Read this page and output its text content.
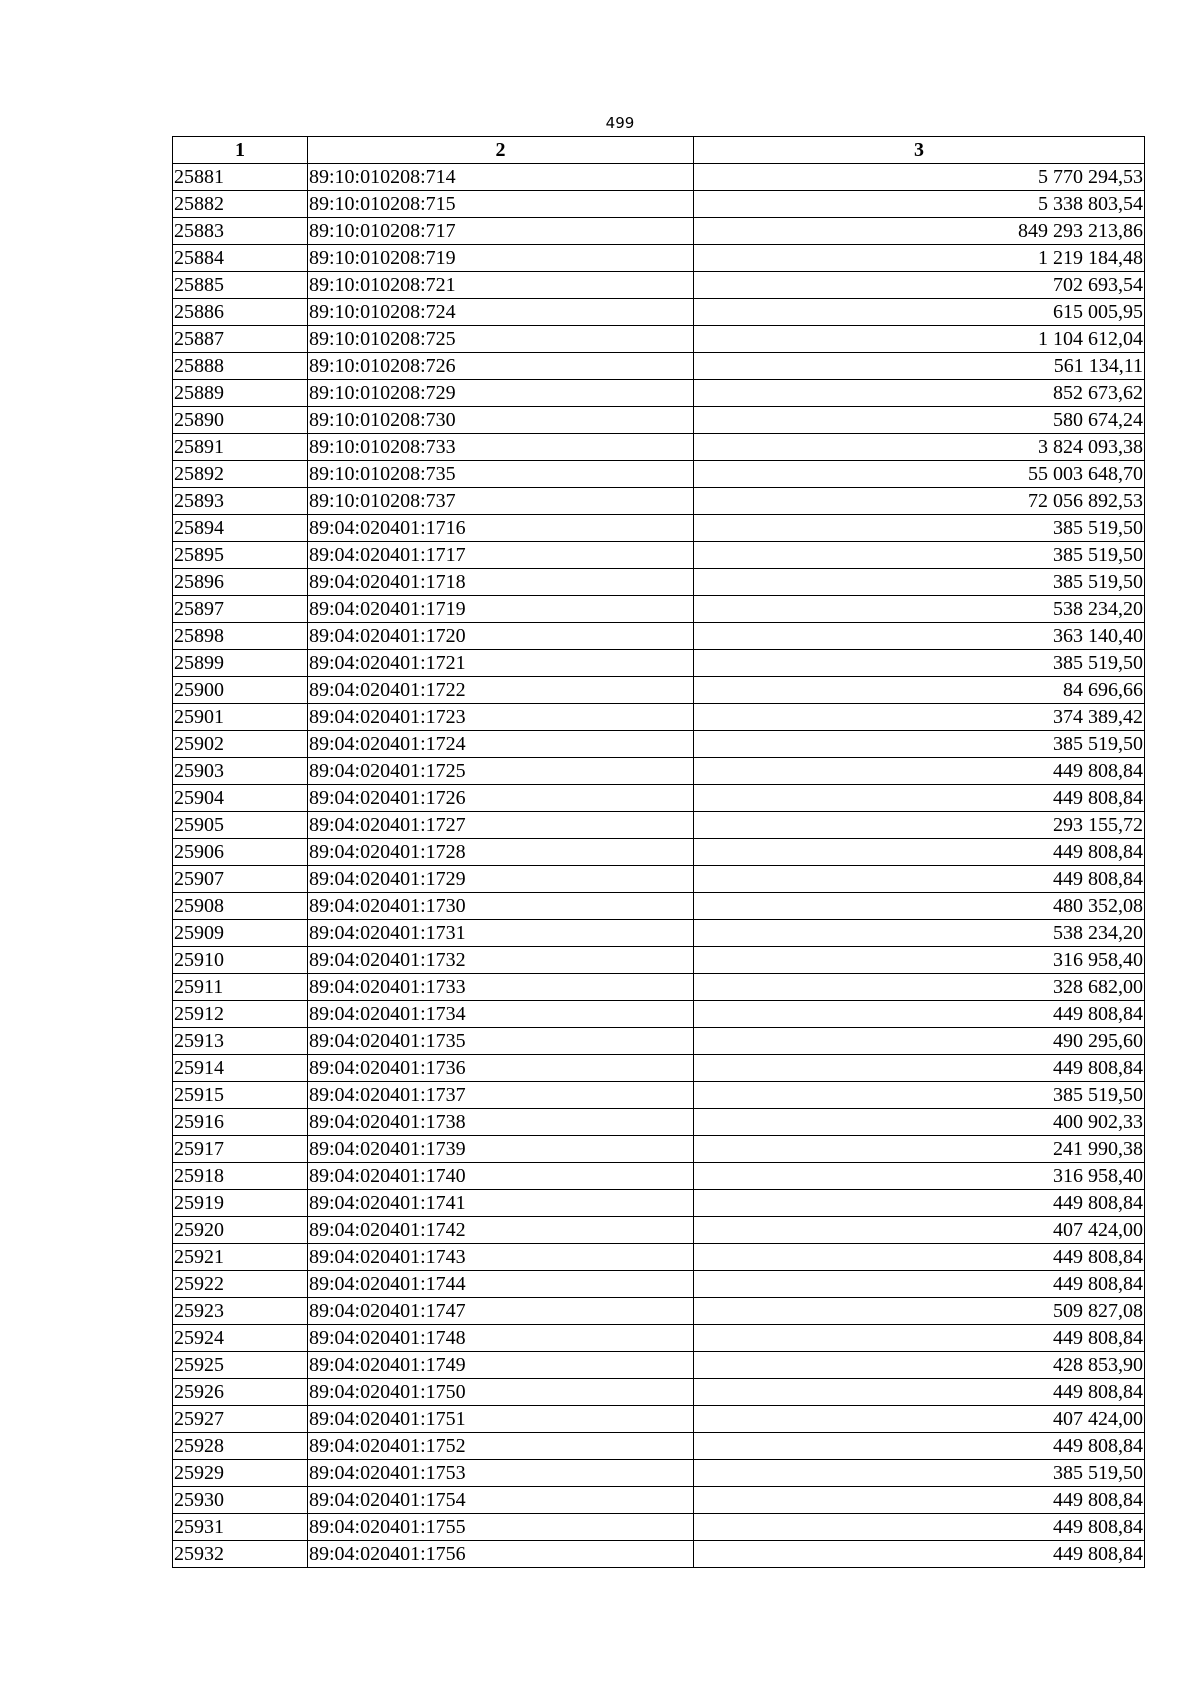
499
1	2	3
25881	89:10:010208:714	5 770 294,53
25882	89:10:010208:715	5 338 803,54
25883	89:10:010208:717	849 293 213,86
25884	89:10:010208:719	1 219 184,48
25885	89:10:010208:721	702 693,54
25886	89:10:010208:724	615 005,95
25887	89:10:010208:725	1 104 612,04
25888	89:10:010208:726	561 134,11
25889	89:10:010208:729	852 673,62
25890	89:10:010208:730	580 674,24
25891	89:10:010208:733	3 824 093,38
25892	89:10:010208:735	55 003 648,70
25893	89:10:010208:737	72 056 892,53
25894	89:04:020401:1716	385 519,50
25895	89:04:020401:1717	385 519,50
25896	89:04:020401:1718	385 519,50
25897	89:04:020401:1719	538 234,20
25898	89:04:020401:1720	363 140,40
25899	89:04:020401:1721	385 519,50
25900	89:04:020401:1722	84 696,66
25901	89:04:020401:1723	374 389,42
25902	89:04:020401:1724	385 519,50
25903	89:04:020401:1725	449 808,84
25904	89:04:020401:1726	449 808,84
25905	89:04:020401:1727	293 155,72
25906	89:04:020401:1728	449 808,84
25907	89:04:020401:1729	449 808,84
25908	89:04:020401:1730	480 352,08
25909	89:04:020401:1731	538 234,20
25910	89:04:020401:1732	316 958,40
25911	89:04:020401:1733	328 682,00
25912	89:04:020401:1734	449 808,84
25913	89:04:020401:1735	490 295,60
25914	89:04:020401:1736	449 808,84
25915	89:04:020401:1737	385 519,50
25916	89:04:020401:1738	400 902,33
25917	89:04:020401:1739	241 990,38
25918	89:04:020401:1740	316 958,40
25919	89:04:020401:1741	449 808,84
25920	89:04:020401:1742	407 424,00
25921	89:04:020401:1743	449 808,84
25922	89:04:020401:1744	449 808,84
25923	89:04:020401:1747	509 827,08
25924	89:04:020401:1748	449 808,84
25925	89:04:020401:1749	428 853,90
25926	89:04:020401:1750	449 808,84
25927	89:04:020401:1751	407 424,00
25928	89:04:020401:1752	449 808,84
25929	89:04:020401:1753	385 519,50
25930	89:04:020401:1754	449 808,84
25931	89:04:020401:1755	449 808,84
25932	89:04:020401:1756	449 808,84
